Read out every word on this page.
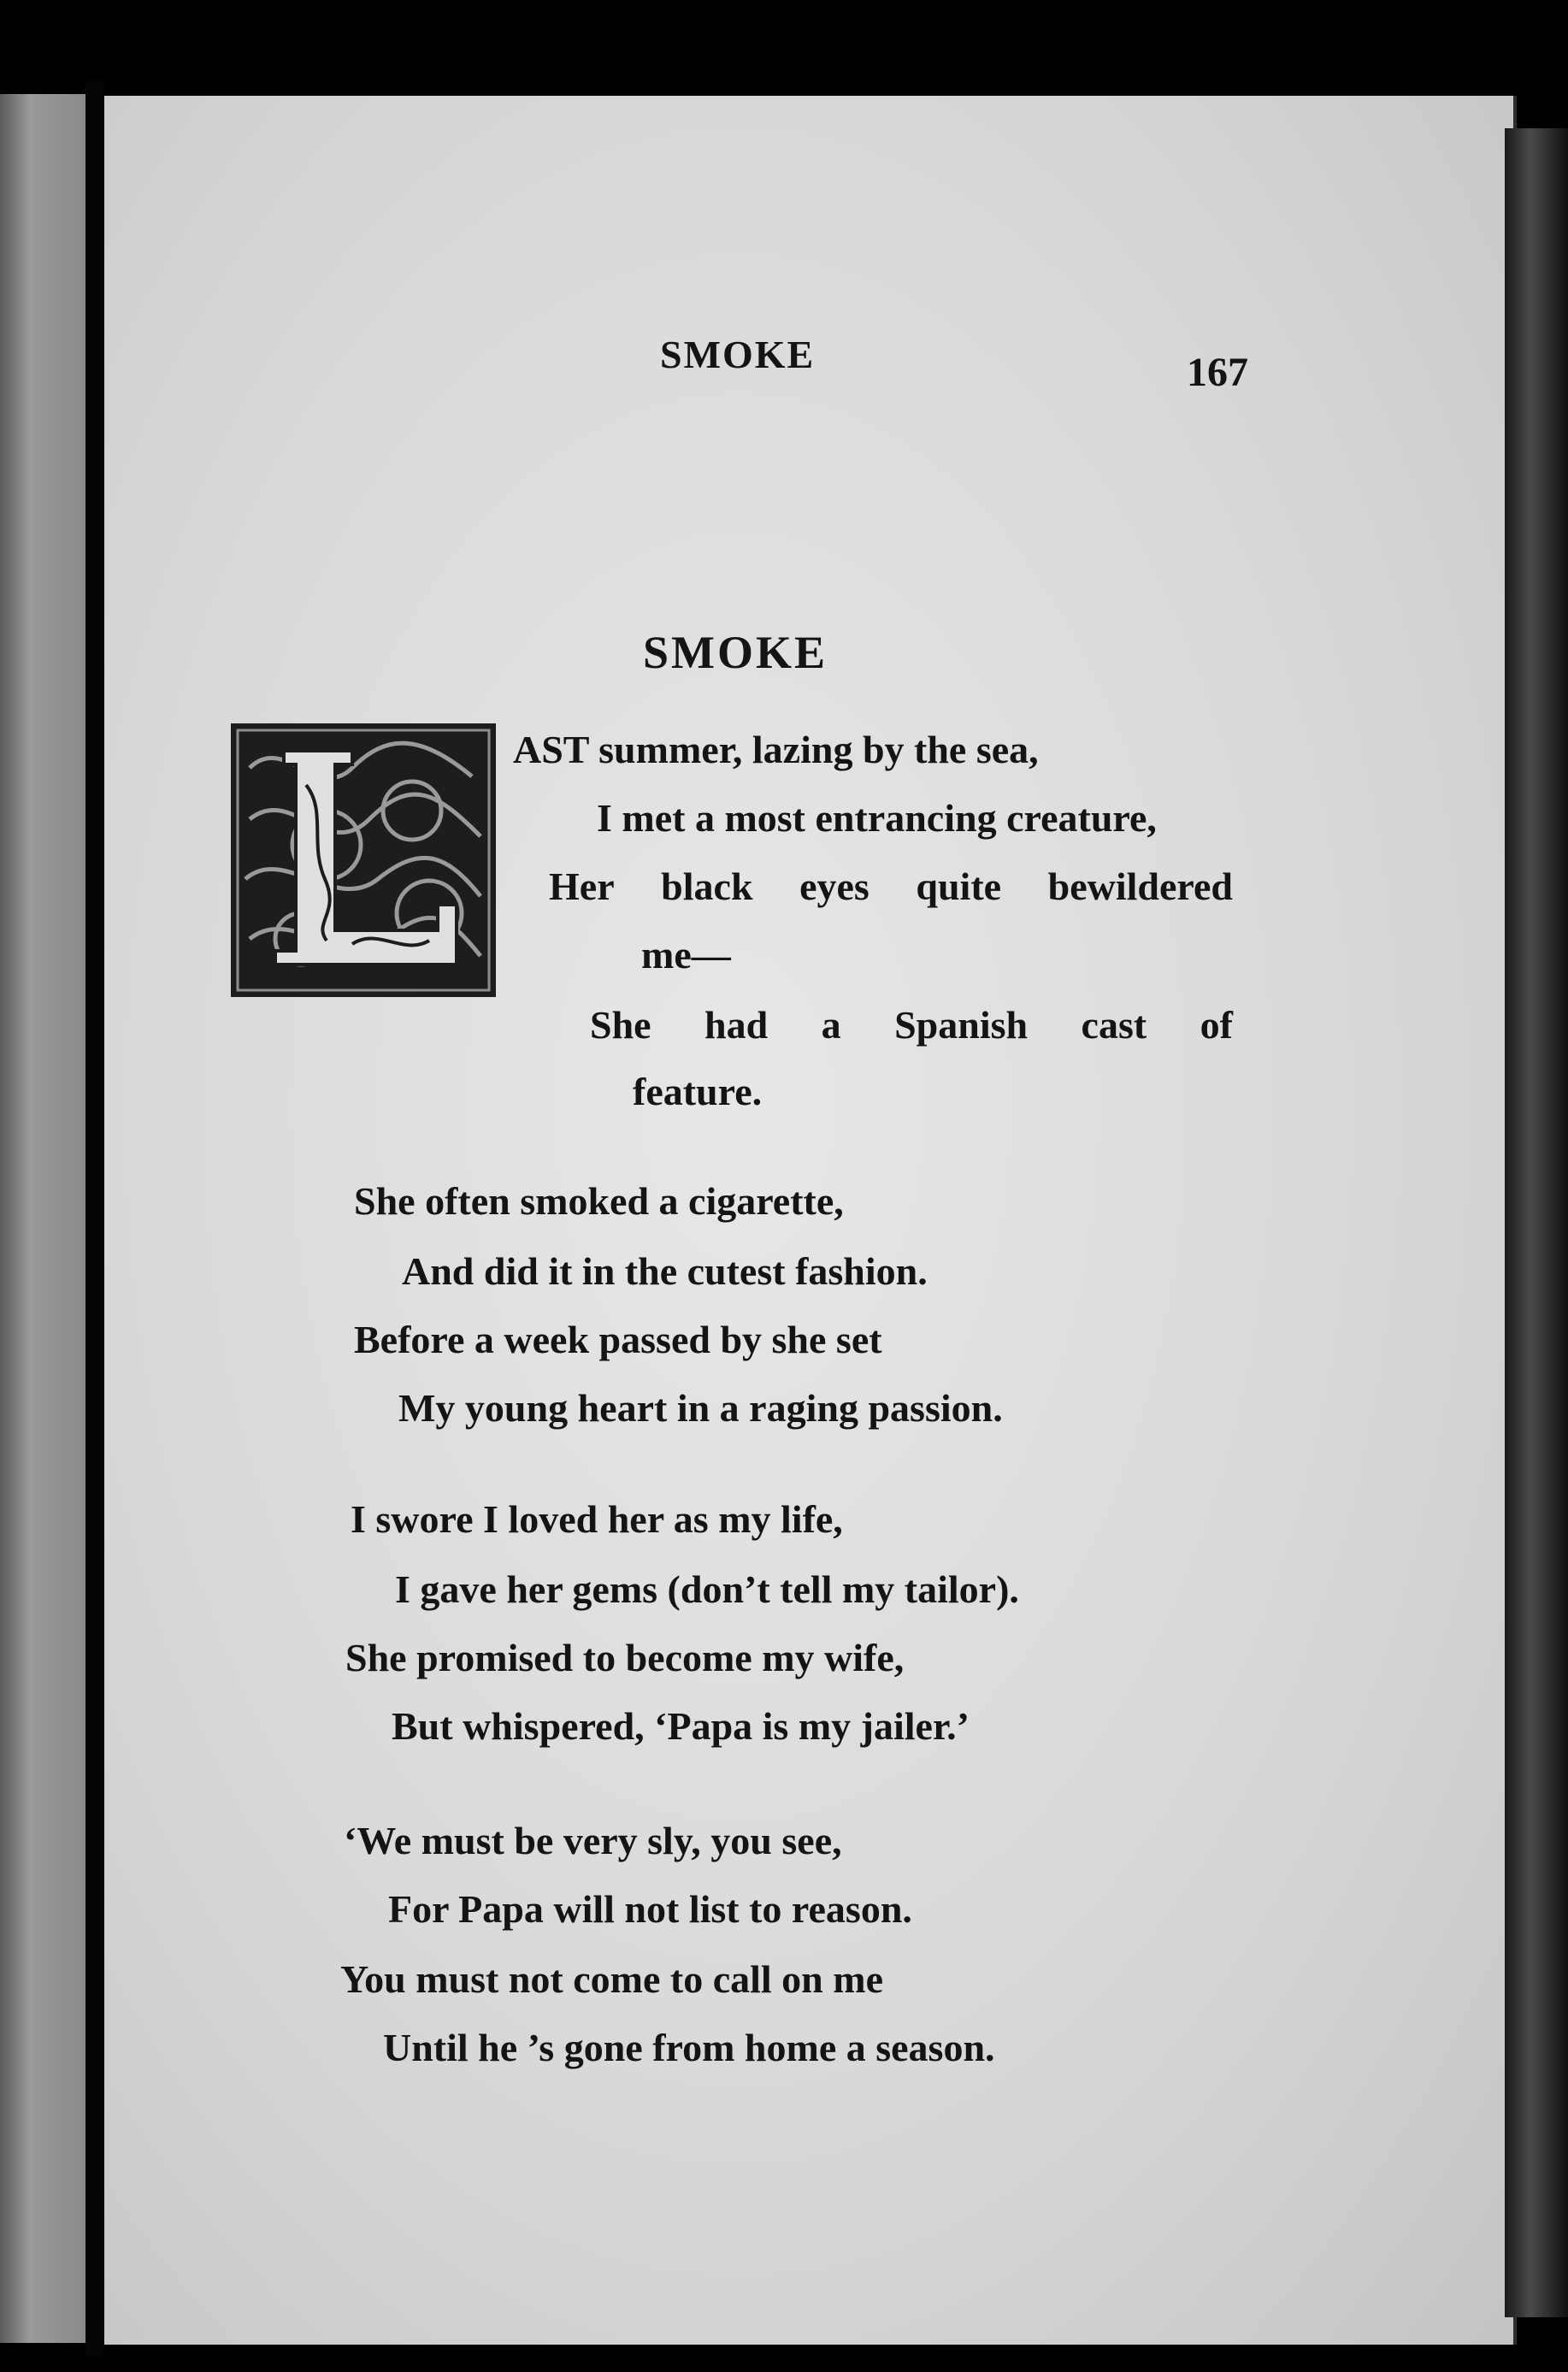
SMOKE	167
SMOKE
AST summer, lazing by the sea,
I met a most entrancing creature,
Her black eyes quite bewildered
me—
She had a Spanish cast of
feature.
She often smoked a cigarette,
And did it in the cutest fashion.
Before a week passed by she set
My young heart in a raging passion.
I swore I loved her as my life,
I gave her gems (don’t tell my tailor).
She promised to become my wife,
But whispered, ‘Papa is my jailer.’
‘We must be very sly, you see,
For Papa will not list to reason.
You must not come to call on me
Until he ’s gone from home a season.
